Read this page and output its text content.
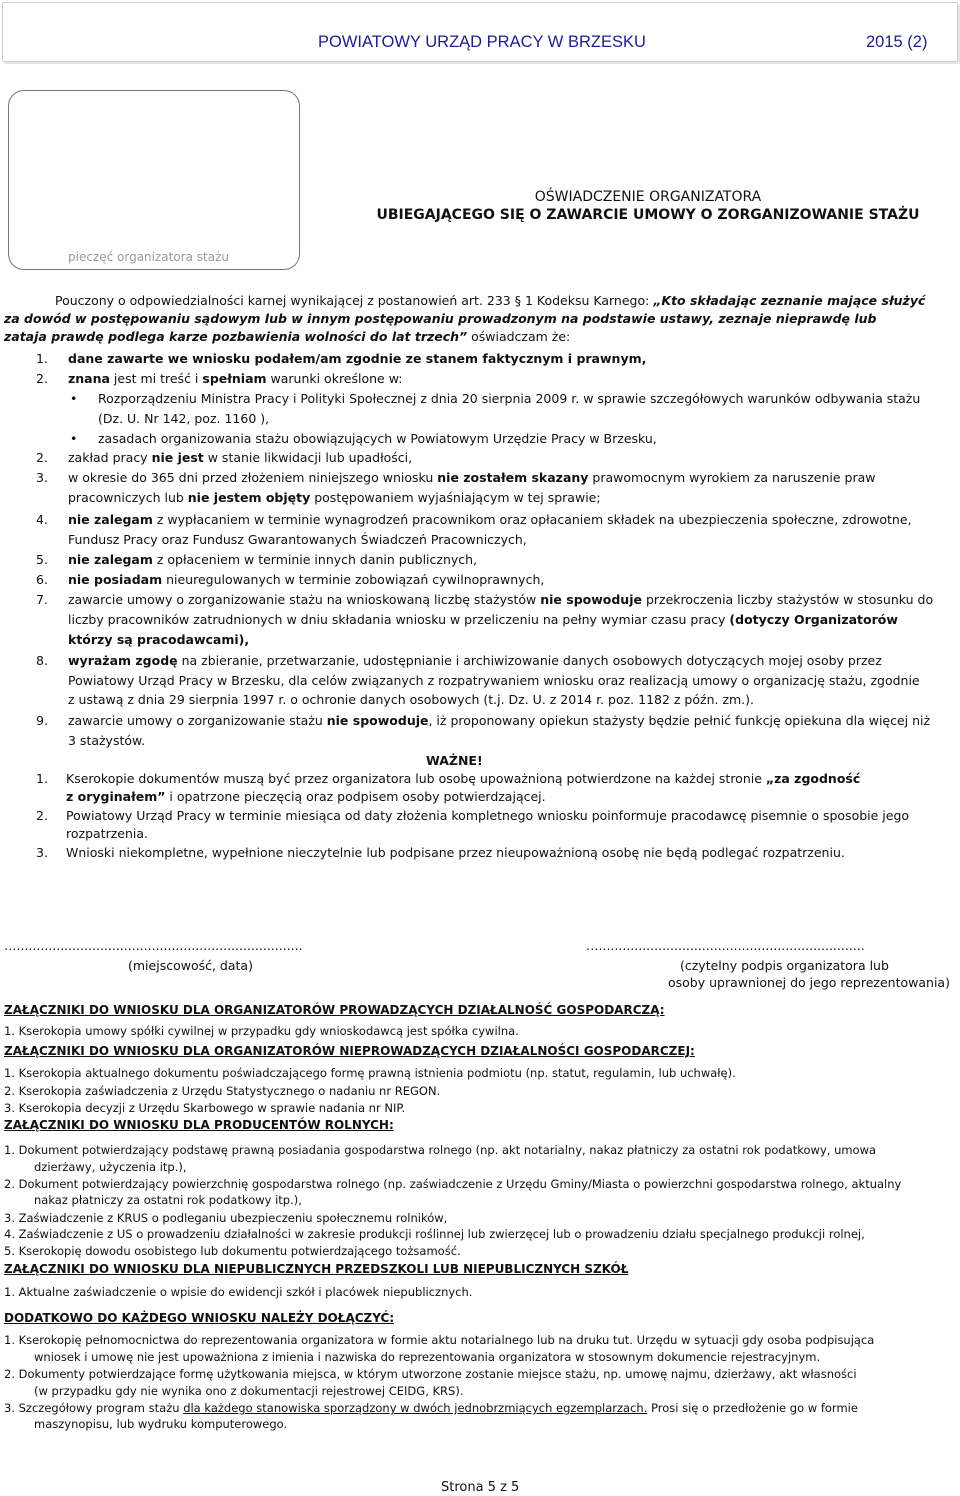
POWIATOWY URZĄD PRACY W BRZESKU	2015 (2)
pieczęć organizatora stażu
OŚWIADCZENIE ORGANIZATORA
UBIEGAJĄCEGO SIĘ O ZAWARCIE UMOWY O ZORGANIZOWANIE STAŻU
Pouczony o odpowiedzialności karnej wynikającej z postanowień art. 233 § 1 Kodeksu Karnego: „Kto składając zeznanie mające służyć
za dowód w postępowaniu sądowym lub w innym postępowaniu prowadzonym na podstawie ustawy, zeznaje nieprawdę lub
zataja prawdę podlega karze pozbawienia wolności do lat trzech” oświadczam że:
1. dane zawarte we wniosku podałem/am zgodnie ze stanem faktycznym i prawnym,
2. znana jest mi treść i spełniam warunki określone w:
• Rozporządzeniu Ministra Pracy i Polityki Społecznej z dnia 20 sierpnia 2009 r. w sprawie szczegółowych warunków odbywania stażu
(Dz. U. Nr 142, poz. 1160 ),
• zasadach organizowania stażu obowiązujących w Powiatowym Urzędzie Pracy w Brzesku,
2. zakład pracy nie jest w stanie likwidacji lub upadłości,
3. w okresie do 365 dni przed złożeniem niniejszego wniosku nie zostałem skazany prawomocnym wyrokiem za naruszenie praw
pracowniczych lub nie jestem objęty postępowaniem wyjaśniającym w tej sprawie;
4. nie zalegam z wypłacaniem w terminie wynagrodzeń pracownikom oraz opłacaniem składek na ubezpieczenia społeczne, zdrowotne,
Fundusz Pracy oraz Fundusz Gwarantowanych Świadczeń Pracowniczych,
5. nie zalegam z opłaceniem w terminie innych danin publicznych,
6. nie posiadam nieuregulowanych w terminie zobowiązań cywilnoprawnych,
7. zawarcie umowy o zorganizowanie stażu na wnioskowaną liczbę stażystów nie spowoduje przekroczenia liczby stażystów w stosunku do
liczby pracowników zatrudnionych w dniu składania wniosku w przeliczeniu na pełny wymiar czasu pracy (dotyczy Organizatorów
którzy są pracodawcami),
8. wyrażam zgodę na zbieranie, przetwarzanie, udostępnianie i archiwizowanie danych osobowych dotyczących mojej osoby przez
Powiatowy Urząd Pracy w Brzesku, dla celów związanych z rozpatrywaniem wniosku oraz realizacją umowy o organizację stażu, zgodnie
z ustawą z dnia 29 sierpnia 1997 r. o ochronie danych osobowych (t.j. Dz. U. z 2014 r. poz. 1182 z późn. zm.).
9. zawarcie umowy o zorganizowanie stażu nie spowoduje, iż proponowany opiekun stażysty będzie pełnić funkcję opiekuna dla więcej niż
3 stażystów.
WAŻNE!
1. Kserokopie dokumentów muszą być przez organizatora lub osobę upoważnioną potwierdzone na każdej stronie „za zgodność
z oryginałem” i opatrzone pieczęcią oraz podpisem osoby potwierdzającej.
2. Powiatowy Urząd Pracy w terminie miesiąca od daty złożenia kompletnego wniosku poinformuje pracodawcę pisemnie o sposobie jego
rozpatrzenia.
3. Wnioski niekompletne, wypełnione nieczytelnie lub podpisane przez nieupoważnioną osobę nie będą podlegać rozpatrzeniu.
…........................................................................	…...................................................................
(miejscowość, data)	(czytelny podpis organizatora lub
osoby uprawnionej do jego reprezentowania)
ZAŁĄCZNIKI DO WNIOSKU DLA ORGANIZATORÓW PROWADZĄCYCH DZIAŁALNOŚĆ GOSPODARCZĄ:
1. Kserokopia umowy spółki cywilnej w przypadku gdy wnioskodawcą jest spółka cywilna.
ZAŁĄCZNIKI DO WNIOSKU DLA ORGANIZATORÓW NIEPROWADZĄCYCH DZIAŁALNOŚCI GOSPODARCZEJ:
1. Kserokopia aktualnego dokumentu poświadczającego formę prawną istnienia podmiotu (np. statut, regulamin, lub uchwałę).
2. Kserokopia zaświadczenia z Urzędu Statystycznego o nadaniu nr REGON.
3. Kserokopia decyzji z Urzędu Skarbowego w sprawie nadania nr NIP.
ZAŁĄCZNIKI DO WNIOSKU DLA PRODUCENTÓW ROLNYCH:
1. Dokument potwierdzający podstawę prawną posiadania gospodarstwa rolnego (np. akt notarialny, nakaz płatniczy za ostatni rok podatkowy, umowa
dzierżawy, użyczenia itp.),
2. Dokument potwierdzający powierzchnię gospodarstwa rolnego (np. zaświadczenie z Urzędu Gminy/Miasta o powierzchni gospodarstwa rolnego, aktualny
nakaz płatniczy za ostatni rok podatkowy itp.),
3. Zaświadczenie z KRUS o podleganiu ubezpieczeniu społecznemu rolników,
4. Zaświadczenie z US o prowadzeniu działalności w zakresie produkcji roślinnej lub zwierzęcej lub o prowadzeniu działu specjalnego produkcji rolnej,
5. Kserokopię dowodu osobistego lub dokumentu potwierdzającego tożsamość.
ZAŁĄCZNIKI DO WNIOSKU DLA NIEPUBLICZNYCH PRZEDSZKOLI LUB NIEPUBLICZNYCH SZKÓŁ
1. Aktualne zaświadczenie o wpisie do ewidencji szkół i placówek niepublicznych.
DODATKOWO DO KAŻDEGO WNIOSKU NALEŻY DOŁĄCZYĆ:
1. Kserokopię pełnomocnictwa do reprezentowania organizatora w formie aktu notarialnego lub na druku tut. Urzędu w sytuacji gdy osoba podpisująca
wniosek i umowę nie jest upoważniona z imienia i nazwiska do reprezentowania organizatora w stosownym dokumencie rejestracyjnym.
2. Dokumenty potwierdzające formę użytkowania miejsca, w którym utworzone zostanie miejsce stażu, np. umowę najmu, dzierżawy, akt własności
(w przypadku gdy nie wynika ono z dokumentacji rejestrowej CEIDG, KRS).
3. Szczegółowy program stażu dla każdego stanowiska sporządzony w dwóch jednobrzmiących egzemplarzach. Prosi się o przedłożenie go w formie
maszynopisu, lub wydruku komputerowego.
Strona 5 z 5
